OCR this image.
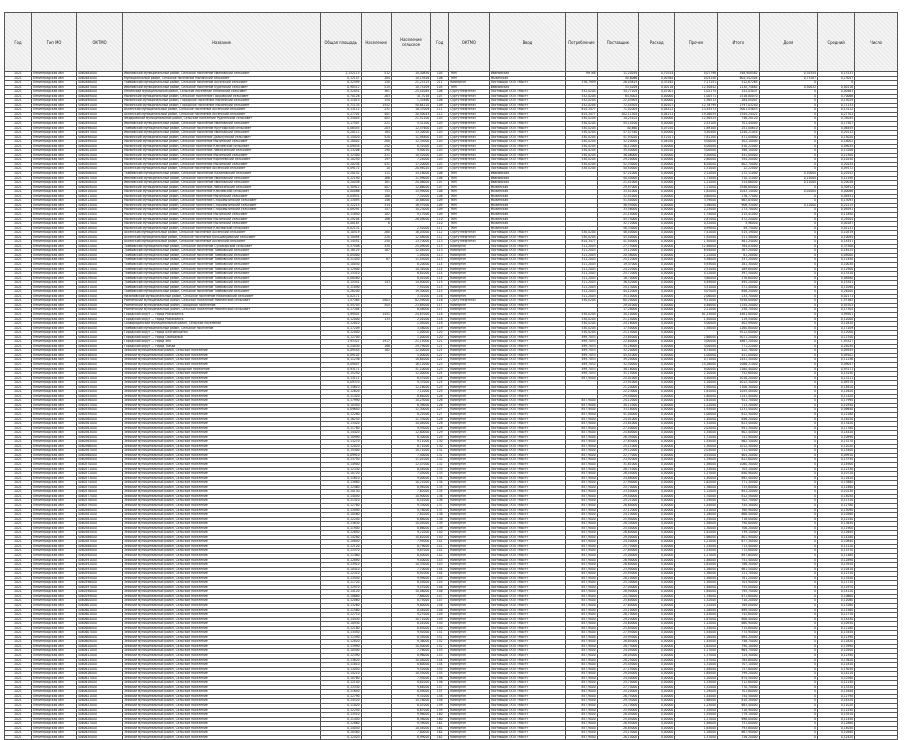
Год	Тип МО	ОКТМО	Название	Общая площадь	Население	Население сельское	Год	ОКТМО	Ввод	Потребление	Поставщик	Расход	Прочее	Итого	Доля	Средний	Число
2021	Ленинградская обл	4060484000	Ивановский муниципальный район, Сельское поселение Ивановский сельсовет	1,132113	512	10,30850	105	ТКМ	Ивановская	Не жð	11,20294	0,70314	4,07798	548,900582	0,35354	0,15131	
2021	Ленинградская обл	4060485000	Муниципальный район, Сельское поселение Мызинский сельсовет	0,12147	184	10,13926	106	ТКМ	Мызинская		40,6066	0,00364	0,03140	604,542504	0,73287	0,13057	
2021	Ленинградская обл	4060486000	Тамбовский муниципальный район, Сельское поселение Аксенский сельсовет	0,32599	150	21,23125	211	Коммунэн	Поставщик ООО «Мост»	376,7999	26,03815	0,33162	7,17151	512,67265	0	0	
2021	Ленинградская обл	4060487000	Ивановский муниципальный район, Сельское поселение Буренский сельсовет	0,90512	515	10,75209	105	ТКМ	Ивановская		53,4209	0,00118	12,50842	1230,74682	0,50032	0,00116	
2021	Ленинградская обл	4060488000	Ленинский муниципальный район, Сельское поселение Ленинский сельсовет	0,32051	361	25,42085	106	Сургутнефтегаз	Поставщик ООО «Мост»	532,0204	34,77205	0,07001	1,02174	152,03037	0	0,00463	
2021	Ленинградская обл	4060489000	Мызинский муниципальный район, Сельское поселение Покровский сельсовет	0,70126	263	41,7016	107	Сургутнефтегаз	Поставщик ООО «Мост»	532,0204	64,5002	0,00000	1,00571	1516,80070	0	0,70066	
2021	Ленинградская обл	4060490000	Мызинский муниципальный район, Городское поселение Мызинский сельсовет	0,11013	154	1,33460	108	Сургутнефтегаз	Поставщик ООО «Мост»	532,0204	22,45905	0,00000	1,56513	284,05007	0	0,13029	
2021	Ленинградская обл	4060491000	Мызинский муниципальный район, Городское поселение Мызинский сельсовет	0,71133	1552	50,64220	109	Сургутнефтегаз	Поставщик ООО «Мост»	532,0204	72,44305	0,00107	12,78799	2797,03240	0	0,71133	
2021	Ленинградская обл	4060492000	Аксенский муниципальный район, Сельское поселение Аксенский сельсовет	0,13112	231	18,37009	111	Сургутнефтегаз	Поставщик ООО «Мост»	814,3477	71,02005	0,04412	13,55573	3001,03853	0	0,13112	
2021	Ленинградская обл	4060493000	Аксенский муниципальный район, Сельское поселение Аксенский сельсовет	0,27701	401	30,50043	112	Сургутнефтегаз	Поставщик ООО «Мост»	814,3477	102,11305	0,04211	19,16055	1544,24422	0	0,27701	
2021	Ленинградская обл	4060494000	Федоровский муниципальный район, Сельское поселение Рудненский сельсовет	0,35045	402	21,51200	103	Сургутнефтегаз	Поставщик ООО «Мост»	530,0204	10,25102	0,00000	12,56525	746,20120	0	0,35045	
2021	Ленинградская обл	4060495000	Ивановский муниципальный район, Сельское поселение Ивановский сельсовет	0,17507	221	5,32100	103	Сургутнефтегаз	Поставщик ООО «Мост»	530,0204	55,14200	0,00000	2,53100	701,44000	0	0,17507	
2021	Ленинградская обл	4060496000	Тамбовский муниципальный район, Сельское поселение Крутоярский сельсовет	0,06455	203	12,57600	103	Сургутнефтегаз	Поставщик ООО «Мост»	530,0204	40,660	0,07010	1,89100	251,00610	0	0,06455	
2021	Ленинградская обл	4060497000	Ивановский муниципальный район, Сельское поселение Ивановский сельсовет	0,20112	184	13,30000	103	Сургутнефтегаз	Поставщик ООО «Мост»	530,0204	57,57340	0,00000	3,50400	1240,21045	0	0,20112	
2021	Ленинградская обл	4060498000	Мызинский муниципальный район, Сельское поселение Дальнунский сельсовет	0,15020	520	11,94800	103	Сургутнефтегаз	Поставщик ООО «Мост»	530,0204	41,93020	0,12011	7,81100	471,04800	0	0,15020	
2021	Ленинградская обл	4060499000	Мызинский муниципальный район, Сельское поселение Мызинский сельсовет	0,18002	280	12,33000	103	Сургутнефтегаз	Поставщик ООО «Мост»	530,0204	32,20000	0,04030	5,00000	502,10000	0	0,18002	
2021	Ленинградская обл	4060500000	Мызинский муниципальный район, Сельское поселение Ключевский сельсовет	0,09035	242	8,32000	103	Сургутнефтегаз	Поставщик ООО «Мост»	530,0204	30,12000	0,00000	4,00000	410,22000	0	0,09035	
2021	Ленинградская обл	4060501000	Мызинский муниципальный район, Сельское поселение Лебяжинский сельсовет	0,13206	190	9,90020	103	Сургутнефтегаз	Поставщик ООО «Мост»	530,0204	35,40000	0,03010	3,00000	398,10000	0	0,13206	
2021	Ленинградская обл	4060502000	Мызинский муниципальный район, Сельское поселение Мызинский сельсовет	0,12300	311	10,52000	103	Сургутнефтегаз	Поставщик ООО «Мост»	530,0204	36,06000	0,00000	4,50000	441,00000	0	0,12300	
2021	Ленинградская обл	4060503000	Мызинский муниципальный район, Сельское поселение Корнеевский сельсовет	0,10250	197	7,24000	103	Сургутнефтегаз	Поставщик ООО «Мост»	530,0204	29,20000	0,00000	2,80000	354,20000	0	0,10250	
2021	Ленинградская обл	4060504000	Мызинский муниципальный район, Сельское поселение Мызинский сельсовет	0,20234	431	17,20000	103	Сургутнефтегаз	Поставщик ООО «Мост»	530,0204	52,33000	0,00000	6,20000	602,70000	0	0,20234	
2021	Ленинградская обл	4060505000	Аксенский муниципальный район, Сельское поселение Аксенский сельсовет	0,09172	10	20,94020	105	Сургутнефтегаз	Поставщик ООО «Мост»	530,0204	50,40000	0,00000	1,51000	12,22000	0	0,09172	
2021	Ленинградская обл	4060506000	Тамбовский муниципальный район, Сельское поселение Калиновский сельсовет	0,20152	111	15,18000	106	ТКМ	Ивановская		47,21000	0,00000	2,12000	272,11000	0,10000	0,20152	
2021	Ленинградская обл	4060507000	Ивановский муниципальный район, Сельское поселение Ивановский сельсовет	0,12190	168	11,99000	106	ТКМ	Ивановская		40,40000	0,00000	1,73000	710,11000	0,15000	0,12190	
2021	Ленинградская обл	4060508000	Ивановский муниципальный район, Сельское поселение Ивановский сельсовет	0,20038	181	20,06000	107	ТКМ	Ивановская		21,41000	0,00000	1,21000	314,66000	0,11000	0,20038	
2021	Ленинградская обл	4060509000	Мызинский муниципальный район, Сельское поселение Лебяжинский сельсовет	0,30912	407	12,86000	107	ТКМ	Мызинская		29,97000	0,00000	1,21000	3546,60000	0	0,30912	
2021	Ленинградская обл	4060510000	Мызинский муниципальный район, Сельское поселение Ключевский сельсовет	0,00086	753	15,99000	108	ТКМ	Мызинская		33,41000	0,00000	1,82000	1043,14000	0,02000	0,00086	
2021	Ленинградская обл	4060511000	Мызинский муниципальный район, Сельское поселение Мызинский сельсовет	0,04931	186	7,32000	108	ТКМ	Мызинская		32,41000	0,00000	0,60000	176,77000	0	0,04931	
2021	Ленинградская обл	4060512000	Мызинский муниципальный район, Сельское поселение Старомызинский сельсовет	0,13093	146	10,88000	109	ТКМ	Мызинская		51,40000	0,00000	3,79000	663,83000	0	0,13093	
2021	Ленинградская обл	4060513000	Мызинский муниципальный район, Сельское поселение Старомызинский сельсовет	0,22215	314	16,57000	109	ТКМ	Мызинская		36,55000	0,00000	3,56000	906,33000	0,12000	0,22215	
2021	Ленинградская обл	4060514000	Мызинский муниципальный район, Сельское поселение Старомызинский сельсовет	0,09291	157	10,23000	109	ТКМ	Мызинская		33,56000	0,00000	2,23000	173,70000	0	0,09291	
2021	Ленинградская обл	4060515000	Мызинский муниципальный район, Сельское поселение Мызинский сельсовет	0,11850	102	9,17000	109	ТКМ	Мызинская		21,14000	0,00000	1,74000	215,41000	0	0,11850	
2021	Ленинградская обл	4060516000	Мызинский муниципальный район, Сельское поселение Мызинский сельсовет	0,29204	186	26,09000	110	ТКМ	Мызинская		45,74000	0,00000	2,87000	472,20000	0	0,29204	
2021	Ленинградская обл	4060517000	Мызинский муниципальный район, Сельское поселение Мызинский сельсовет	0,00187	8		110	ТКМ	Мызинская		32,72000	0,00000	0,32000	5,96000	0	0,00187	
2021	Ленинградская обл	4060518000	Мызинский муниципальный район, Сельское поселение Ключевский сельсовет	0,02131		2,52000	111	ТКМ	Мызинская		56,33000	0,00000	0,99000	49,75000	0	0,02131	
2021	Ленинградская обл	4060519000	Аксенский муниципальный район, Сельское поселение Аксенский сельсовет	0,10519	280	16,03000	112	Сургутнефтегаз	Поставщик ООО «Мост»	530,0204	46,40000	0,00000	7,41000	515,19000	0	0,10519	
2021	Ленинградская обл	4060520000	Аксенский муниципальный район, Сельское поселение Большекривский сельсовет	0,10094	220	12,48000	112	Сургутнефтегаз	Поставщик ООО «Мост»	530,0204	45,40000	0,00000	1,92000	511,58000	0	0,10094	
2021	Ленинградская обл	4060521000	Аксенский муниципальный район, Сельское поселение Аксенский сельсовет	0,14551	250	13,70000	113	Сургутнефтегаз	Поставщик ООО «Мост»	814,3477	41,40000	0,00000	1,50000	461,24000	0	0,14551	
2021	Ленинградская обл	4060522000	Тамбовский муниципальный район, Сельское поселение Сухожарский сельсовет	0,37508	335	25,09000	113	Коммунэн	Поставщик ООО «Мост»	311,2003	27,75000	0,00000	12,46000	764,03000	0	0,37508	
2021	Ленинградская обл	4060523000	Тамбовский муниципальный район, Сельское поселение Тамбовский сельсовет	0,18125	167	12,04000	113	Коммунэн	Поставщик ООО «Мост»	311,2003	15,12000	0,00000	6,94000	387,20000	0	0,18125	
2021	Ленинградская обл	4060524000	Тамбовский муниципальный район, Сельское поселение Тамбовский сельсовет	0,05000		1,05000	113	Коммунэн	Поставщик ООО «Мост»	311,2003	20,38000	0,00000	1,22000	81,20000	0	0,05000	
2021	Ленинградская обл	4060525000	Тамбовский муниципальный район, Сельское поселение Тамбовский сельсовет	0,11450	87	11,45000	113	Коммунэн	Поставщик ООО «Мост»	311,2003	25,12000	0,00000	5,38000	337,20000	0	0,11450	
2021	Ленинградская обл	4060526000	Тамбовский муниципальный район, Сельское поселение Тамбовский сельсовет	0,10030		8,20000	114	Коммунэн	Поставщик ООО «Мост»	311,2003	19,37000	0,00000	5,93000	281,30000	0	0,10030	
2021	Ленинградская обл	4060527000	Тамбовский муниципальный район, Сельское поселение Тамбовский сельсовет	0,12900		10,34000	114	Коммунэн	Поставщик ООО «Мост»	311,2003	24,22000	0,00000	2,51000	269,60000	0	0,12900	
2021	Ленинградская обл	4060528000	Тамбовский муниципальный район, Сельское поселение Тамбовский сельсовет	0,13310		6,81000	114	Коммунэн	Поставщик ООО «Мост»	311,2003	25,72000	0,00000	4,12000	397,50000	0	0,13310	
2021	Ленинградская обл	4060529000	Тамбовский муниципальный район, Сельское поселение Тамбовский сельсовет	0,08580		8,01000	114	Коммунэн	Поставщик ООО «Мост»	311,2003	16,70000	0,00000	3,80000	178,60000	0	0,08580	
2021	Ленинградская обл	4060530000	Тамбовский муниципальный район, Сельское поселение Тамбовский сельсовет	0,15341	143	14,90000	115	Коммунэн	Поставщик ООО «Мост»	311,2003	36,52000	0,00000	4,49000	495,20000	0	0,15341	
2021	Ленинградская обл	4060531000	Тамбовский муниципальный район, Сельское поселение Тамбовский сельсовет	0,11090		7,91000	115	Коммунэн	Поставщик ООО «Мост»	311,2003	24,13000	0,00000	3,51000	371,40000	0	0,11090	
2021	Ленинградская обл	4060532000	Тамбовский муниципальный район, Сельское поселение Тамбовский сельсовет	0,26200		19,30000	115	Коммунэн	Поставщик ООО «Мост»	311,2003	44,12000	0,00000	5,07000	656,20000	0	0,26200	
2021	Ленинградская обл	4060533000	Мазановский муниципальный район, Сельское поселение Мазановский сельсовет	0,02171		3,31000	116	Коммунэн	Поставщик ООО «Мост»	311,2003	35,10000	0,00000	2,06000	133,70000	0	0,02171	
2021	Ленинградская обл	4060534000	Ромненский муниципальный район, Сельское поселение Ромненский сельсовет	1,57365	2803	82,59000	116	Сургутнефтегаз	Поставщик ООО «Мост»	530,0204	60,20000	0,00000	9,11000	3558,00000	0	1,57365	
2021	Ленинградская обл	4060535000	Ромненский муниципальный район, Городское поселение	0,55703	504	23,65000	117	Коммунэн	Поставщик ООО «Мост»		29,01000	0,00000	4,46000	1155,20000	0	0,55703	
2021	Ленинградская обл	4060536000	Ромненский муниципальный район, Сельское поселение Ромненский сельсовет	0,17304		6,48000	117	Коммунэн	Поставщик ООО «Мост»		17,28000	0,00000	2,21000	258,70000	0	0,17304	
2021	Ленинградская обл	4060537000	Городской округ — город Райчихинск	4,99501	1451	24,87000	118	Коммунэн	Поставщик ООО «Мост»	530,0204	30,10000	0,00000	81,23000	4461,80000	0	4,99501	
2021	Ленинградская обл	4060538000	Городской округ — город Райчихинск	0,12000	133	2,01000	118	Коммунэн	Поставщик ООО «Мост»	530,0204	21,14000	0,00000	1,50000	119,54000	0	0,12000	
2021	Ленинградская обл	4060539000	Сковородинский муниципальный район, Сельское поселение	0,12810		1,05000	118	Коммунэн	Поставщик ООО «Мост»	530,0204	24,16000	0,00000	5,00000	402,99000	0	0,12810	
2021	Ленинградская обл	4060540000	Тамбовский муниципальный район, Сельское поселение	0,17209		3,58000	119	Коммунэн	Поставщик ООО «Мост»	530,0204	17,50000	0,00000	1,58000	1260,80000	0	0,17209	
2021	Ленинградская обл	4060541000	Городской округ — город Благовещенск	0,12000		1,00000	120	Коммунэн	Поставщик ООО «Мост»	530,0204	21,14000	0,00000		9112,00000	0	0,12000	
2021	Ленинградская обл	4060542000	Городской округ — город Свободный	0,12700		1,00000	120	Коммунэн	Поставщик ООО «Мост»	499,7053	23,85000	0,00000	2,66000	5071,20000	0	0,12700	
2021	Ленинградская обл	4060543000	Городской округ — город Зея	1,93327	1917	21,15000	121	Коммунэн	Поставщик ООО «Мост»	499,7053	22,80000	0,00000	3,00000	4867,20000	0	1,93327	
2021	Ленинградская обл	4060544000	Городской округ — город Тында	0,24030	188	29,79000	121	Коммунэн	Поставщик ООО «Мост»	499,7053	35,28000	0,00000	3,00000	771,22000	0	0,24030	
2021	Ленинградская обл	4060545000	Зейский муниципальный район, Сельское поселение	0,09545	182	12,00000	122	Коммунэн	Поставщик ООО «Мост»	499,7053	32,20000	0,00000	8,74000	422,78000	0	0,09545	
2021	Ленинградская обл	4060546000	Зейский муниципальный район, Сельское поселение	0,09102		5,00000	122	Коммунэн	Поставщик ООО «Мост»	499,7053	45,51000	0,00000	1,00000	421,00000	0	0,09102	
2021	Ленинградская обл	4060547000	Зейский муниципальный район, Сельское поселение	0,11236		10,84000	122	Коммунэн	Поставщик ООО «Мост»	499,7053	39,20000	0,00000	0,71000	1441,30000	0	0,11236	
2021	Ленинградская обл	4060548000	Зейский муниципальный район, Сельское поселение	0,09047		16,12000	123	Коммунэн	Поставщик ООО «Мост»	499,7053	32,50000	0,00000	14,26000	1086,21000	0	0,09047	
2021	Ленинградская обл	4060549000	Зейский муниципальный район, Городское поселение	0,93171		31,10000	123	Коммунэн	Поставщик ООО «Мост»	499,7053	38,16000	0,00000	9,00000	2160,40000	0	0,93171	
2021	Ленинградская обл	4060550000	Зейский муниципальный район, Сельское поселение	0,15250		12,00000	124	Коммунэн	Поставщик ООО «Мост»	499,7053	31,15000	0,00000	2,10000	752,60000	0	0,15250	
2021	Ленинградская обл	4060551000	Зейский муниципальный район, Сельское поселение	0,13111		6,47000	124	Коммунэн	Поставщик ООО «Мост»	857,9000	25,01000	0,00000	4,40000	1018,20000	0	0,13111	
2021	Ленинградская обл	4060552000	Зейский муниципальный район, Сельское поселение	0,09370		9,37000	125	Коммунэн	Поставщик ООО «Мост»		23,91000	0,00000	1,10000	4012,30000	0	0,09370	
2021	Ленинградская обл	4060553000	Зейский муниципальный район, Сельское поселение	0,14610		12,16000	125	Коммунэн	Поставщик ООО «Мост»		21,20000	0,00000	1,90000	1106,30000	0	0,14610	
2021	Ленинградская обл	4060554000	Зейский муниципальный район, Сельское поселение	0,12620		7,12000	125	Коммунэн	Поставщик ООО «Мост»		22,23000	0,00000	1,61000	1055,40000	0	0,12620	
2021	Ленинградская обл	4060555000	Зейский муниципальный район, Сельское поселение	0,11420		8,64000	126	Коммунэн	Поставщик ООО «Мост»		29,40000	0,00000	1,80000	1141,40000	0	0,11420	
2021	Ленинградская обл	4060556000	Зейский муниципальный район, Сельское поселение	0,17990		10,23000	126	Коммунэн	Поставщик ООО «Мост»	857,9000	24,12000	0,00000	1,61000	921,70000	0	0,17990	
2021	Ленинградская обл	4060557000	Зейский муниципальный район, Сельское поселение	0,10340		6,38000	126	Коммунэн	Поставщик ООО «Мост»	857,9000	30,11000	0,00000	1,22000	713,20000	0	0,10340	
2021	Ленинградская обл	4060558000	Зейский муниципальный район, Сельское поселение	0,09640		12,30000	127	Коммунэн	Поставщик ООО «Мост»	857,9000	33,18000	0,00000	1,93000	1231,40000	0	0,09640	
2021	Ленинградская обл	4060559000	Зейский муниципальный район, Сельское поселение	0,12280		8,22000	127	Коммунэн	Поставщик ООО «Мост»	857,9000	41,00000	0,00000	1,00000	612,30000	0	0,12280	
2021	Ленинградская обл	4060560000	Зейский муниципальный район, Сельское поселение	0,16250		11,33000	128	Коммунэн	Поставщик ООО «Мост»	857,9000	24,01000	0,00000	1,40000	846,20000	0	0,16250	
2021	Ленинградская обл	4060561000	Зейский муниципальный район, Сельское поселение	0,13420		10,04000	128	Коммунэн	Поставщик ООО «Мост»	857,9000	23,81000	0,00000	1,32000	823,40000	0	0,13420	
2021	Ленинградская обл	4060562000	Зейский муниципальный район, Сельское поселение	0,11780		9,93000	128	Коммунэн	Поставщик ООО «Мост»	857,9000	27,40000	0,00000	2,02000	941,30000	0	0,11780	
2021	Ленинградская обл	4060563000	Зейский муниципальный район, Сельское поселение	0,14420		12,80000	129	Коммунэн	Поставщик ООО «Мост»	857,9000	24,60000	0,00000	1,34000	802,40000	0	0,14420	
2021	Ленинградская обл	4060564000	Зейский муниципальный район, Сельское поселение	0,10990		8,30000	129	Коммунэн	Поставщик ООО «Мост»	857,9000	26,35000	0,00000	1,72000	741,90000	0	0,10990	
2021	Ленинградская обл	4060565000	Зейский муниципальный район, Сельское поселение	0,13270		9,11000	130	Коммунэн	Поставщик ООО «Мост»	857,9000	27,83000	0,00000	1,54000	862,10000	0	0,13270	
2021	Ленинградская обл	4060566000	Зейский муниципальный район, Сельское поселение	0,12020		8,71000	130	Коммунэн	Поставщик ООО «Мост»	857,9000	25,11000	0,00000	1,30000	1012,30000	0	0,12020	
2021	Ленинградская обл	4060567000	Зейский муниципальный район, Сельское поселение	0,15400		10,71000	131	Коммунэн	Поставщик ООО «Мост»	857,9000	29,12000	0,00000	2,03000	711,40000	0	0,15400	
2021	Ленинградская обл	4060568000	Зейский муниципальный район, Сельское поселение	0,09910		7,40000	131	Коммунэн	Поставщик ООО «Мост»	857,9000	22,77000	0,00000	0,92000	604,20000	0	0,09910	
2021	Ленинградская обл	4060569000	Зейский муниципальный район, Сельское поселение	0,13750		11,01000	132	Коммунэн	Поставщик ООО «Мост»	857,9000	23,92000	0,00000	1,19000	822,60000	0	0,13750	
2021	Ленинградская обл	4060570000	Зейский муниципальный район, Сельское поселение	0,14900		12,47000	132	Коммунэн	Поставщик ООО «Мост»	857,9000	31,61000	0,00000	1,58000	1080,30000	0	0,14900	
2021	Ленинградская обл	4060571000	Зейский муниципальный район, Сельское поселение	0,12330		8,44000	133	Коммунэн	Поставщик ООО «Мост»	857,9000	28,71000	0,00000	1,33000	705,10000	0	0,12330	
2021	Ленинградская обл	4060572000	Зейский муниципальный район, Сельское поселение	0,10720		7,03000	133	Коммунэн	Поставщик ООО «Мост»	857,9000	26,44000	0,00000	1,27000	640,90000	0	0,10720	
2021	Ленинградская обл	4060573000	Зейский муниципальный район, Сельское поселение	0,11610		9,00000	134	Коммунэн	Поставщик ООО «Мост»	857,9000	24,88000	0,00000	1,40000	692,40000	0	0,11610	
2021	Ленинградская обл	4060574000	Зейский муниципальный район, Сельское поселение	0,13880		10,21000	134	Коммунэн	Поставщик ООО «Мост»	857,9000	27,90000	0,00000	1,62000	771,30000	0	0,13880	
2021	Ленинградская обл	4060575000	Зейский муниципальный район, Сельское поселение	0,12460		8,94000	135	Коммунэн	Поставщик ООО «Мост»	857,9000	25,70000	0,00000	1,36000	733,80000	0	0,12460	
2021	Ленинградская обл	4060576000	Зейский муниципальный район, Сельское поселение	0,10130		7,62000	135	Коммунэн	Поставщик ООО «Мост»	857,9000	23,50000	0,00000	1,12000	651,20000	0	0,10130	
2021	Ленинградская обл	4060577000	Зейский муниципальный район, Сельское поселение	0,14050		10,90000	136	Коммунэн	Поставщик ООО «Мост»	857,9000	29,40000	0,00000	1,70000	812,50000	0	0,14050	
2021	Ленинградская обл	4060578000	Зейский муниципальный район, Сельское поселение	0,11310		8,51000	136	Коммунэн	Поставщик ООО «Мост»	857,9000	25,21000	0,00000	1,29000	702,70000	0	0,11310	
2021	Ленинградская обл	4060579000	Зейский муниципальный район, Сельское поселение	0,12780		9,33000	137	Коммунэн	Поставщик ООО «Мост»	857,9000	26,80000	0,00000	1,44000	745,30000	0	0,12780	
2021	Ленинградская обл	4060580000	Зейский муниципальный район, Сельское поселение	0,13090		9,78000	137	Коммунэн	Поставщик ООО «Мост»	857,9000	27,12000	0,00000	1,51000	760,90000	0	0,13090	
2021	Ленинградская обл	4060581000	Зейский муниципальный район, Сельское поселение	0,10560		7,81000	138	Коммунэн	Поставщик ООО «Мост»	857,9000	24,10000	0,00000	1,18000	668,40000	0	0,10560	
2021	Ленинградская обл	4060582000	Зейский муниципальный район, Сельское поселение	0,12240		8,88000	138	Коммунэн	Поставщик ООО «Мост»	857,9000	25,90000	0,00000	1,35000	718,00000	0	0,12240	
2021	Ленинградская обл	4060583000	Зейский муниципальный район, Сельское поселение	0,13630		10,05000	139	Коммунэн	Поставщик ООО «Мост»	857,9000	28,30000	0,00000	1,58000	790,60000	0	0,13630	
2021	Ленинградская обл	4060584000	Зейский муниципальный район, Сельское поселение	0,11900		8,66000	139	Коммунэн	Поставщик ООО «Мост»	857,9000	25,40000	0,00000	1,30000	706,20000	0	0,11900	
2021	Ленинградская обл	4060585000	Зейский муниципальный район, Сельское поселение	0,12650		9,21000	140	Коммунэн	Поставщик ООО «Мост»	857,9000	26,60000	0,00000	1,42000	739,10000	0	0,12650	
2021	Ленинградская обл	4060586000	Зейский муниципальный район, Сельское поселение	0,14280		10,62000	140	Коммунэн	Поставщик ООО «Мост»	857,9000	29,00000	0,00000	1,66000	801,90000	0	0,14280	
2021	Ленинградская обл	4060587000	Зейский муниципальный район, Сельское поселение	0,10840		7,95000	141	Коммунэн	Поставщик ООО «Мост»	857,9000	24,50000	0,00000	1,21000	677,30000	0	0,10840	
2021	Ленинградская обл	4060588000	Зейский муниципальный район, Сельское поселение	0,12120		8,79000	141	Коммунэн	Поставщик ООО «Мост»	857,9000	25,75000	0,00000	1,33000	713,40000	0	0,12120	
2021	Ленинградская обл	4060589000	Зейский муниципальный район, Сельское поселение	0,13370		9,87000	142	Коммунэн	Поставщик ООО «Мост»	857,9000	27,80000	0,00000	1,53000	772,80000	0	0,13370	
2021	Ленинградская обл	4060590000	Зейский муниципальный район, Сельское поселение	0,11480		8,40000	142	Коммунэн	Поставщик ООО «Мост»	857,9000	25,00000	0,00000	1,27000	697,60000	0	0,11480	
2021	Ленинградская обл	4060591000	Зейский муниципальный район, Сельское поселение	0,12890		9,40000	143	Коммунэн	Поставщик ООО «Мост»	857,9000	26,90000	0,00000	1,46000	751,40000	0	0,12890	
2021	Ленинградская обл	4060592000	Зейский муниципальный район, Сельское поселение	0,13910		10,33000	143	Коммунэн	Поставщик ООО «Мост»	857,9000	28,60000	0,00000	1,61000	786,30000	0	0,13910	
2021	Ленинградская обл	4060593000	Зейский муниципальный район, Сельское поселение	0,10410		7,70000	144	Коммунэн	Поставщик ООО «Мост»	857,9000	23,90000	0,00000	1,16000	661,50000	0	0,10410	
2021	Ленинградская обл	4060594000	Зейский муниципальный район, Сельское поселение	0,12310		8,91000	144	Коммунэн	Поставщик ООО «Мост»	857,9000	25,95000	0,00000	1,36000	721,70000	0	0,12310	
2021	Ленинградская обл	4060595000	Зейский муниципальный район, Сельское поселение	0,13540		9,99000	145	Коммунэн	Поставщик ООО «Мост»	857,9000	28,10000	0,00000	1,56000	781,20000	0	0,13540	
2021	Ленинградская обл	4060596000	Зейский муниципальный район, Сельское поселение	0,11720		8,55000	145	Коммунэн	Поставщик ООО «Мост»	857,9000	25,30000	0,00000	1,30000	703,90000	0	0,11720	
2021	Ленинградская обл	4060597000	Зейский муниципальный район, Сельское поселение	0,12970		9,47000	146	Коммунэн	Поставщик ООО «Мост»	857,9000	27,00000	0,00000	1,48000	755,00000	0	0,12970	
2021	Ленинградская обл	4060598000	Зейский муниципальный район, Сельское поселение	0,14120		10,48000	146	Коммунэн	Поставщик ООО «Мост»	857,9000	28,90000	0,00000	1,64000	795,70000	0	0,14120	
2021	Ленинградская обл	4060599000	Зейский муниципальный район, Сельское поселение	0,10680		7,88000	147	Коммунэн	Поставщик ООО «Мост»	857,9000	24,30000	0,00000	1,19000	671,80000	0	0,10680	
2021	Ленинградская обл	4060600000	Зейский муниципальный район, Сельское поселение	0,12060		8,75000	147	Коммунэн	Поставщик ООО «Мост»	857,9000	25,60000	0,00000	1,32000	710,20000	0	0,12060	
2021	Ленинградская обл	4060601000	Зейский муниципальный район, Сельское поселение	0,13260		9,80000	148	Коммунэн	Поставщик ООО «Мост»	857,9000	27,60000	0,00000	1,52000	769,00000	0	0,13260	
2021	Ленинградская обл	4060602000	Зейский муниципальный район, Сельское поселение	0,11560		8,44000	148	Коммунэн	Поставщик ООО «Мост»	857,9000	25,10000	0,00000	1,28000	699,50000	0	0,11560	
2021	Ленинградская обл	4060603000	Зейский муниципальный район, Сельское поселение	0,12710		9,27000	149	Коммунэн	Поставщик ООО «Мост»	857,9000	26,70000	0,00000	1,43000	742,80000	0	0,12710	
2021	Ленинградская обл	4060604000	Зейский муниципальный район, Сельское поселение	0,14430		10,71000	149	Коммунэн	Поставщик ООО «Мост»	857,9000	29,20000	0,00000	1,67000	806,40000	0	0,14430	
2021	Ленинградская обл	4060605000	Зейский муниципальный район, Сельское поселение	0,10930		8,01000	150	Коммунэн	Поставщик ООО «Мост»	857,9000	24,60000	0,00000	1,22000	680,90000	0	0,10930	
2021	Ленинградская обл	4060606000	Зейский муниципальный район, Сельское поселение	0,12180		8,83000	150	Коммунэн	Поставщик ООО «Мост»	857,9000	25,85000	0,00000	1,34000	715,60000	0	0,12180	
2021	Ленинградская обл	4060607000	Зейский муниципальный район, Сельское поселение	0,13450		9,92000	151	Коммунэн	Поставщик ООО «Мост»	857,9000	27,95000	0,00000	1,54000	775,90000	0	0,13450	
2021	Ленинградская обл	4060608000	Зейский муниципальный район, Сельское поселение	0,11390		8,35000	151	Коммунэн	Поставщик ООО «Мост»	857,9000	24,95000	0,00000	1,26000	694,20000	0	0,11390	
2021	Ленинградская обл	4060609000	Зейский муниципальный район, Сельское поселение	0,12820		9,36000	152	Коммунэн	Поставщик ООО «Мост»	857,9000	26,85000	0,00000	1,45000	748,70000	0	0,12820	
2021	Ленинградская обл	4060610000	Зейский муниципальный район, Сельское поселение	0,13990		10,40000	152	Коммунэн	Поставщик ООО «Мост»	857,9000	28,75000	0,00000	1,62000	790,10000	0	0,13990	
2021	Ленинградская обл	4060611000	Зейский муниципальный район, Сельское поселение	0,10500		7,76000	153	Коммунэн	Поставщик ООО «Мост»	857,9000	24,05000	0,00000	1,17000	664,70000	0	0,10500	
2021	Ленинградская обл	4060612000	Зейский муниципальный район, Сельское поселение	0,12390		8,96000	153	Коммунэн	Поставщик ООО «Мост»	857,9000	26,05000	0,00000	1,37000	724,30000	0	0,12390	
2021	Ленинградская обл	4060613000	Зейский муниципальный район, Сельское поселение	0,13620		10,04000	154	Коммунэн	Поставщик ООО «Мост»	857,9000	28,25000	0,00000	1,57000	784,60000	0	0,13620	
2021	Ленинградская обл	4060614000	Зейский муниципальный район, Сельское поселение	0,11810		8,60000	154	Коммунэн	Поставщик ООО «Мост»	857,9000	25,45000	0,00000	1,31000	707,10000	0	0,11810	
2021	Ленинградская обл	4060615000	Зейский муниципальный район, Сельское поселение	0,13050		9,52000	155	Коммунэн	Поставщик ООО «Мост»	857,9000	27,15000	0,00000	1,49000	757,80000	0	0,13050	
2021	Ленинградская обл	4060616000	Зейский муниципальный район, Сельское поселение	0,14210		10,55000	155	Коммунэн	Поставщик ООО «Мост»	857,9000	29,05000	0,00000	1,65000	799,20000	0	0,14210	
2021	Ленинградская обл	4060617000	Зейский муниципальный район, Сельское поселение	0,10760		7,93000	156	Коммунэн	Поставщик ООО «Мост»	857,9000	24,40000	0,00000	1,20000	674,50000	0	0,10760	
2021	Ленинградская обл	4060618000	Зейский муниципальный район, Сельское поселение	0,12140		8,81000	156	Коммунэн	Поставщик ООО «Мост»	857,9000	25,70000	0,00000	1,33000	712,80000	0	0,12140	
2021	Ленинградская обл	4060619000	Зейский муниципальный район, Сельское поселение	0,13330		9,84000	157	Коммунэн	Поставщик ООО «Мост»	857,9000	27,70000	0,00000	1,52000	770,70000	0	0,13330	
2021	Ленинградская обл	4060620000	Зейский муниципальный район, Сельское поселение	0,11640		8,49000	157	Коммунэн	Поставщик ООО «Мост»	857,9000	25,20000	0,00000	1,29000	701,60000	0	0,11640	
2021	Ленинградская обл	4060621000	Зейский муниципальный район, Сельское поселение	0,12790		9,31000	158	Коммунэн	Поставщик ООО «Мост»	857,9000	26,75000	0,00000	1,44000	744,50000	0	0,12790	
2021	Ленинградская обл	4060622000	Зейский муниципальный район, Сельское поселение	0,14520		10,78000	158	Коммунэн	Поставщик ООО «Мост»	857,9000	29,35000	0,00000	1,68000	810,30000	0	0,14520	
2021	Ленинградская обл	4060623000	Зейский муниципальный район, Сельское поселение	0,11020		8,07000	159	Коммунэн	Поставщик ООО «Мост»	857,9000	24,70000	0,00000	1,23000	683,40000	0	0,11020	
2021	Ленинградская обл	4060624000	Зейский муниципальный район, Сельское поселение	0,12250		8,87000	159	Коммунэн	Поставщик ООО «Мост»	857,9000	25,90000	0,00000	1,35000	718,90000	0	0,12250	
2021	Ленинградская обл	4060625000	Зейский муниципальный район, Сельское поселение	0,13510		9,96000	160	Коммунэн	Поставщик ООО «Мост»	857,9000	28,05000	0,00000	1,55000	779,10000	0	0,13510	
2021	Ленинградская обл	4060626000	Зейский муниципальный район, Сельское поселение	0,11450		8,38000	160	Коммунэн	Поставщик ООО «Мост»	857,9000	25,05000	0,00000	1,27000	696,00000	0	0,11450	
2021	Ленинградская обл	4060627000	Зейский муниципальный район, Сельское поселение	0,12880		9,39000	161	Коммунэн	Поставщик ООО «Мост»	857,9000	26,95000	0,00000	1,46000	751,00000	0	0,12880	
2021	Ленинградская обл	4060628000	Зейский муниципальный район, Сельское поселение	0,14050		10,44000	161	Коммунэн	Поставщик ООО «Мост»	857,9000	28,85000	0,00000	1,63000	793,60000	0	0,14050	
2021	Ленинградская обл	4060629000	Зейский муниципальный район, Сельское поселение	0,10580		7,80000	162	Коммунэн	Поставщик ООО «Мост»	857,9000	24,15000	0,00000	1,18000	667,90000	0	0,10580	
2021	Ленинградская обл	4060630000	Зейский муниципальный район, Сельское поселение	0,12420		8,99000	162	Коммунэн	Поставщик ООО «Мост»	857,9000	26,10000	0,00000	1,37000	726,20000	0	0,12420	
